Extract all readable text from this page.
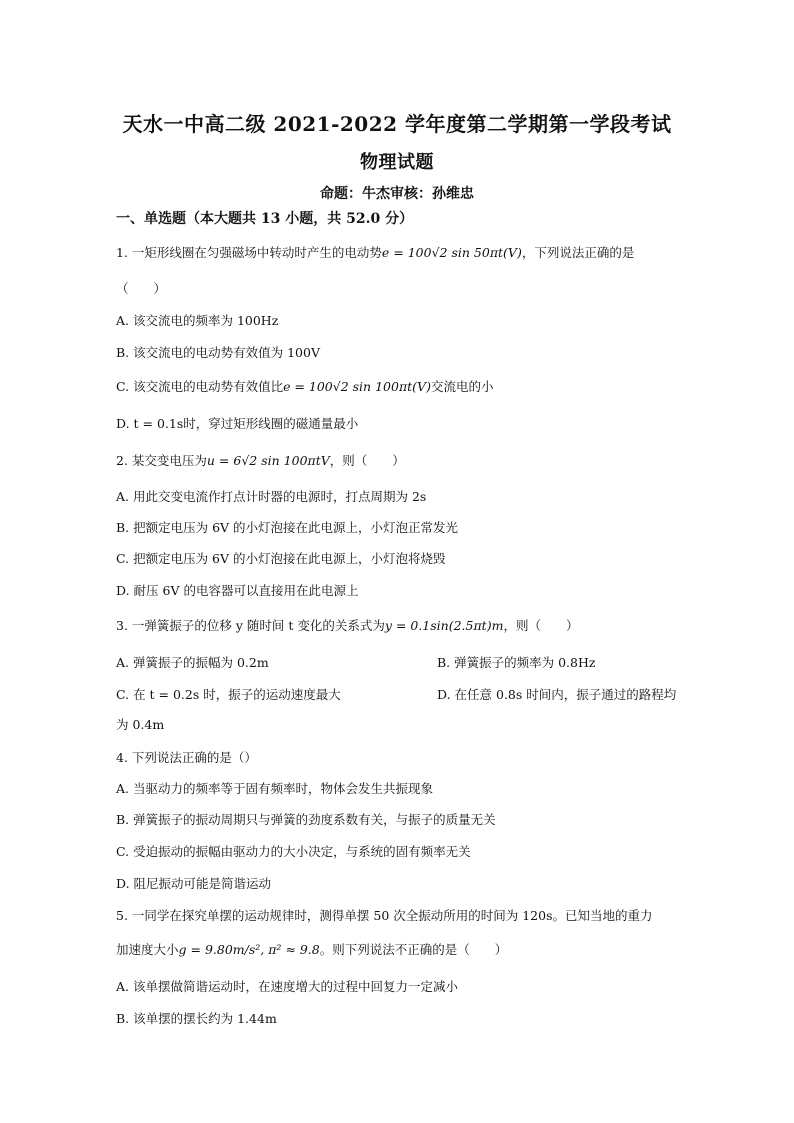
天水一中高二级 2021-2022 学年度第二学期第一学段考试
物理试题
命题：牛杰审核：孙维忠
一、单选题（本大题共 13 小题，共 52.0 分）
1. 一矩形线圈在匀强磁场中转动时产生的电动势e = 100√2 sin 50πt(V)，下列说法正确的是
（　　）
A. 该交流电的频率为 100Hz
B. 该交流电的电动势有效值为 100V
C. 该交流电的电动势有效值比e = 100√2 sin 100πt(V)交流电的小
D. t = 0.1s时，穿过矩形线圈的磁通量最小
2. 某交变电压为u = 6√2 sin 100πtV，则（　　）
A. 用此交变电流作打点计时器的电源时，打点周期为 2s
B. 把额定电压为 6V 的小灯泡接在此电源上，小灯泡正常发光
C. 把额定电压为 6V 的小灯泡接在此电源上，小灯泡将烧毁
D. 耐压 6V 的电容器可以直接用在此电源上
3. 一弹簧振子的位移 y 随时间 t 变化的关系式为y = 0.1sin(2.5πt)m，则（　　）
A. 弹簧振子的振幅为 0.2m	B. 弹簧振子的频率为 0.8Hz
C. 在 t = 0.2s 时，振子的运动速度最大	D. 在任意 0.8s 时间内，振子通过的路程均
为 0.4m
4. 下列说法正确的是（）
A. 当驱动力的频率等于固有频率时，物体会发生共振现象
B. 弹簧振子的振动周期只与弹簧的劲度系数有关，与振子的质量无关
C. 受迫振动的振幅由驱动力的大小决定，与系统的固有频率无关
D. 阻尼振动可能是简谐运动
5. 一同学在探究单摆的运动规律时，测得单摆 50 次全振动所用的时间为 120s。已知当地的重力
加速度大小g = 9.80m/s², π² ≈ 9.8。则下列说法不正确的是（　　）
A. 该单摆做简谐运动时，在速度增大的过程中回复力一定减小
B. 该单摆的摆长约为 1.44m
